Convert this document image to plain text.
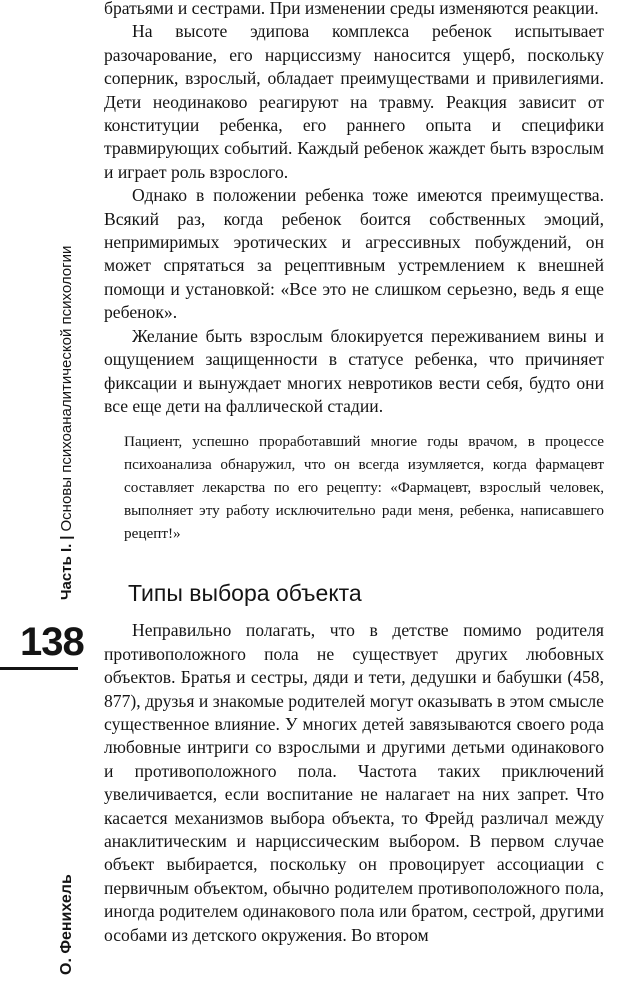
Часть I.|Основы психоаналитической психологии
138
О. Фенихель

братьями и сестрами. При изменении среды изменяются реакции.

На высоте эдипова комплекса ребенок испытывает разочарование, его нарциссизму наносится ущерб, поскольку соперник, взрослый, обладает преимуществами и привилегиями. Дети неодинаково реагируют на травму. Реакция зависит от конституции ребенка, его раннего опыта и специфики травмирующих событий. Каждый ребенок жаждет быть взрослым и играет роль взрослого.

Однако в положении ребенка тоже имеются преимущества. Всякий раз, когда ребенок боится собственных эмоций, непримиримых эротических и агрессивных побуждений, он может спрятаться за рецептивным устремлением к внешней помощи и установкой: «Все это не слишком серьезно, ведь я еще ребенок».

Желание быть взрослым блокируется переживанием вины и ощущением защищенности в статусе ребенка, что причиняет фиксации и вынуждает многих невротиков вести себя, будто они все еще дети на фаллической стадии.

Пациент, успешно проработавший многие годы врачом, в процессе психоанализа обнаружил, что он всегда изумляется, когда фармацевт составляет лекарства по его рецепту: «Фармацевт, взрослый человек, выполняет эту работу исключительно ради меня, ребенка, написавшего рецепт!»

Типы выбора объекта

Неправильно полагать, что в детстве помимо родителя противоположного пола не существует других любовных объектов. Братья и сестры, дяди и тети, дедушки и бабушки (458, 877), друзья и знакомые родителей могут оказывать в этом смысле существенное влияние. У многих детей завязываются своего рода любовные интриги со взрослыми и другими детьми одинакового и противоположного пола. Частота таких приключений увеличивается, если воспитание не налагает на них запрет. Что касается механизмов выбора объекта, то Фрейд различал между анаклитическим и нарциссическим выбором. В первом случае объект выбирается, поскольку он провоцирует ассоциации с первичным объектом, обычно родителем противоположного пола, иногда родителем одинакового пола или братом, сестрой, другими особами из детского окружения. Во втором
